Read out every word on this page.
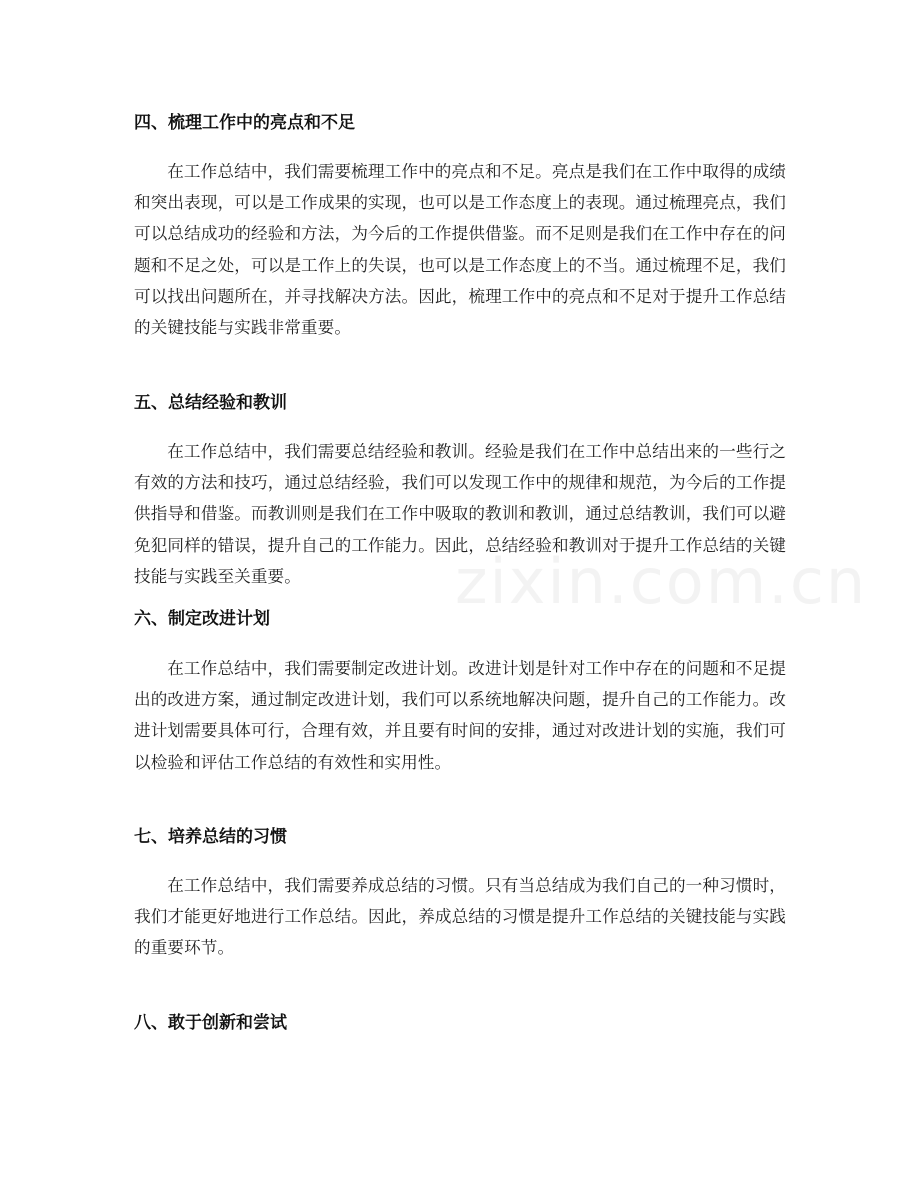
四、梳理工作中的亮点和不足
在工作总结中，我们需要梳理工作中的亮点和不足。亮点是我们在工作中取得的成绩和突出表现，可以是工作成果的实现，也可以是工作态度上的表现。通过梳理亮点，我们可以总结成功的经验和方法，为今后的工作提供借鉴。而不足则是我们在工作中存在的问题和不足之处，可以是工作上的失误，也可以是工作态度上的不当。通过梳理不足，我们可以找出问题所在，并寻找解决方法。因此，梳理工作中的亮点和不足对于提升工作总结的关键技能与实践非常重要。
五、总结经验和教训
在工作总结中，我们需要总结经验和教训。经验是我们在工作中总结出来的一些行之有效的方法和技巧，通过总结经验，我们可以发现工作中的规律和规范，为今后的工作提供指导和借鉴。而教训则是我们在工作中吸取的教训和教训，通过总结教训，我们可以避免犯同样的错误，提升自己的工作能力。因此，总结经验和教训对于提升工作总结的关键技能与实践至关重要。
六、制定改进计划
在工作总结中，我们需要制定改进计划。改进计划是针对工作中存在的问题和不足提出的改进方案，通过制定改进计划，我们可以系统地解决问题，提升自己的工作能力。改进计划需要具体可行，合理有效，并且要有时间的安排，通过对改进计划的实施，我们可以检验和评估工作总结的有效性和实用性。
七、培养总结的习惯
在工作总结中，我们需要养成总结的习惯。只有当总结成为我们自己的一种习惯时，我们才能更好地进行工作总结。因此，养成总结的习惯是提升工作总结的关键技能与实践的重要环节。
八、敢于创新和尝试
zixin.com.cn
